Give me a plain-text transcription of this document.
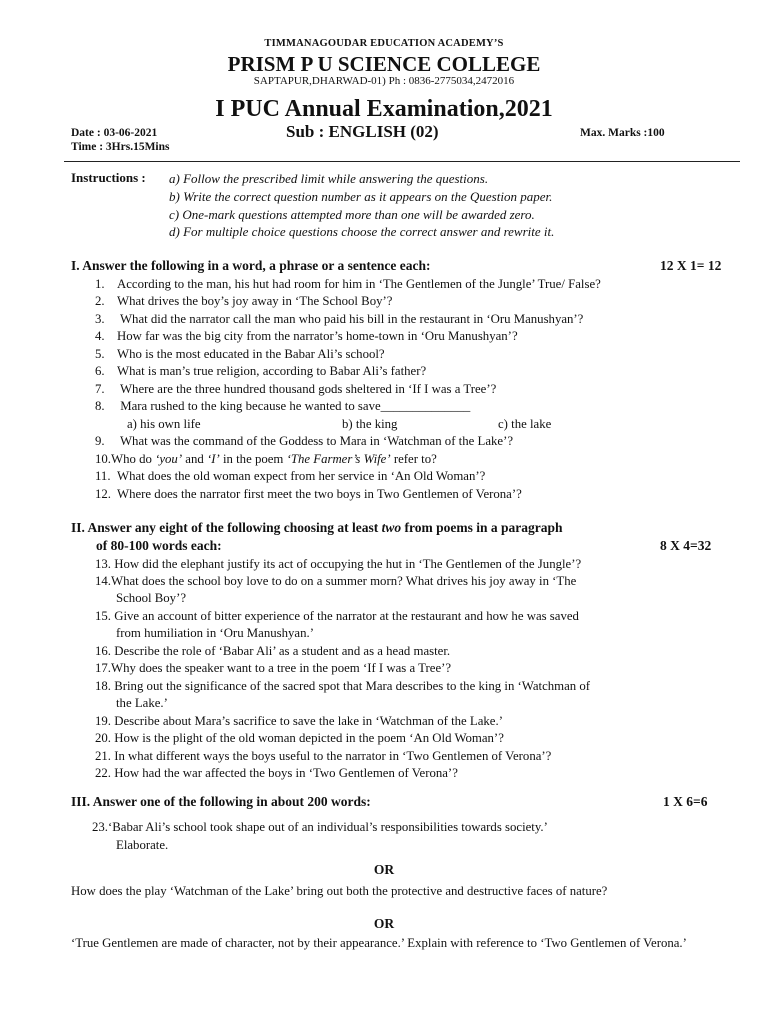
TIMMANAGOUDAR EDUCATION ACADEMY’S
PRISM P U SCIENCE COLLEGE
SAPTAPUR,DHARWAD-01) Ph : 0836-2775034,2472016
I PUC Annual Examination,2021
Date : 03-06-2021	Sub : ENGLISH (02)	Max. Marks :100
Time : 3Hrs.15Mins
Instructions : a) Follow the prescribed limit while answering the questions.
b) Write the correct question number as it appears on the Question paper.
c) One-mark questions attempted more than one will be awarded zero.
d) For multiple choice questions choose the correct answer and rewrite it.
I. Answer the following in a word, a phrase or a sentence each:	12 X 1= 12
1. According to the man, his hut had room for him in ‘The Gentlemen of the Jungle’ True/ False?
2. What drives the boy’s joy away in ‘The School Boy’?
3. What did the narrator call the man who paid his bill in the restaurant in ‘Oru Manushyan’?
4. How far was the big city from the narrator’s home-town in ‘Oru Manushyan’?
5. Who is the most educated in the Babar Ali’s school?
6. What is man’s true religion, according to Babar Ali’s father?
7. Where are the three hundred thousand gods sheltered in ‘If I was a Tree’?
8. Mara rushed to the king because he wanted to save______________
a) his own life	b) the king	c) the lake
9. What was the command of the Goddess to Mara in ‘Watchman of the Lake’?
10.Who do ‘you’ and ‘I’ in the poem ‘The Farmer’s Wife’ refer to?
11. What does the old woman expect from her service in ‘An Old Woman’?
12. Where does the narrator first meet the two boys in Two Gentlemen of Verona’?
II. Answer any eight of the following choosing at least two from poems in a paragraph
of 80-100 words each:	8 X 4=32
13. How did the elephant justify its act of occupying the hut in ‘The Gentlemen of the Jungle’?
14.What does the school boy love to do on a summer morn? What drives his joy away in ‘The
School Boy’?
15. Give an account of bitter experience of the narrator at the restaurant and how he was saved
from humiliation in ‘Oru Manushyan.’
16. Describe the role of ‘Babar Ali’ as a student and as a head master.
17.Why does the speaker want to a tree in the poem ‘If I was a Tree’?
18. Bring out the significance of the sacred spot that Mara describes to the king in ‘Watchman of
the Lake.’
19. Describe about Mara’s sacrifice to save the lake in ‘Watchman of the Lake.’
20. How is the plight of the old woman depicted in the poem ‘An Old Woman’?
21. In what different ways the boys useful to the narrator in ‘Two Gentlemen of Verona’?
22. How had the war affected the boys in ‘Two Gentlemen of Verona’?
III. Answer one of the following in about 200 words:	1 X 6=6
23.‘Babar Ali’s school took shape out of an individual’s responsibilities towards society.’
Elaborate.
OR
How does the play ‘Watchman of the Lake’ bring out both the protective and destructive faces of nature?
OR
‘True Gentlemen are made of character, not by their appearance.’ Explain with reference to ‘Two Gentlemen of Verona.’
